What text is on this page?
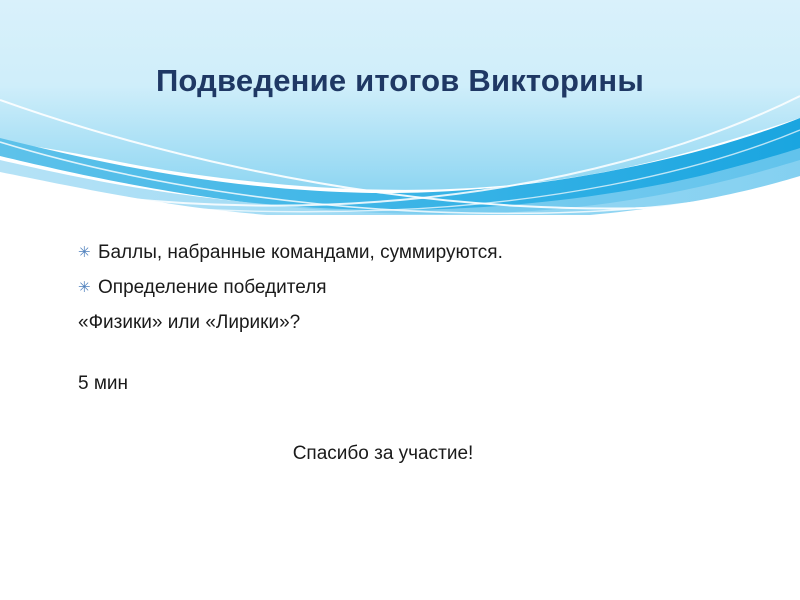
Подведение итогов Викторины
✳ Баллы, набранные командами, суммируются.
✳ Определение победителя
«Физики» или «Лирики»?
5 мин
Спасибо за участие!
